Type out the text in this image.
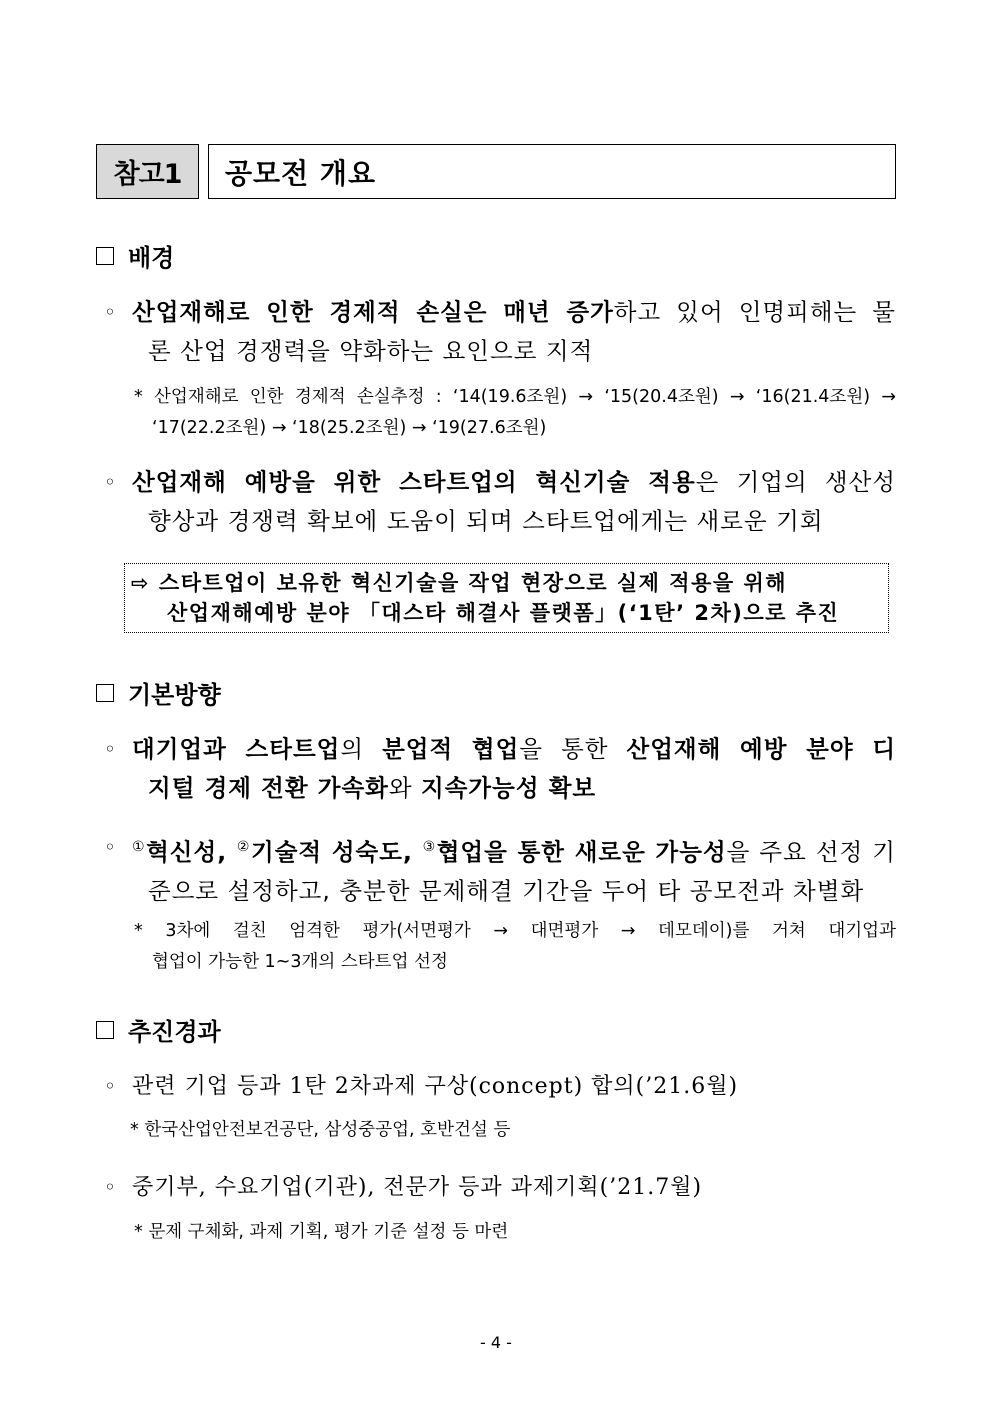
참고1	공모전 개요
배경
◦ 산업재해로 인한 경제적 손실은 매년 증가하고 있어 인명피해는 물
론 산업 경쟁력을 약화하는 요인으로 지적
* 산업재해로 인한 경제적 손실추정 : ‘14(19.6조원) → ‘15(20.4조원) → ‘16(21.4조원) →
‘17(22.2조원) → ‘18(25.2조원) → ‘19(27.6조원)
◦ 산업재해 예방을 위한 스타트업의 혁신기술 적용은 기업의 생산성
향상과 경쟁력 확보에 도움이 되며 스타트업에게는 새로운 기회
⇨ 스타트업이 보유한 혁신기술을 작업 현장으로 실제 적용을 위해
산업재해예방 분야 「대스타 해결사 플랫폼」(‘1탄’ 2차)으로 추진
기본방향
◦ 대기업과 스타트업의 분업적 협업을 통한 산업재해 예방 분야 디
지털 경제 전환 가속화와 지속가능성 확보
◦ ①혁신성, ②기술적 성숙도, ③협업을 통한 새로운 가능성을 주요 선정 기
준으로 설정하고, 충분한 문제해결 기간을 두어 타 공모전과 차별화
* 3차에 걸친 엄격한 평가(서면평가 → 대면평가 → 데모데이)를 거쳐 대기업과
협업이 가능한 1~3개의 스타트업 선정
추진경과
◦ 관련 기업 등과 1탄 2차과제 구상(concept) 합의(’21.6월)
* 한국산업안전보건공단, 삼성중공업, 호반건설 등
◦ 중기부, 수요기업(기관), 전문가 등과 과제기획(’21.7월)
* 문제 구체화, 과제 기획, 평가 기준 설정 등 마련
- 4 -
